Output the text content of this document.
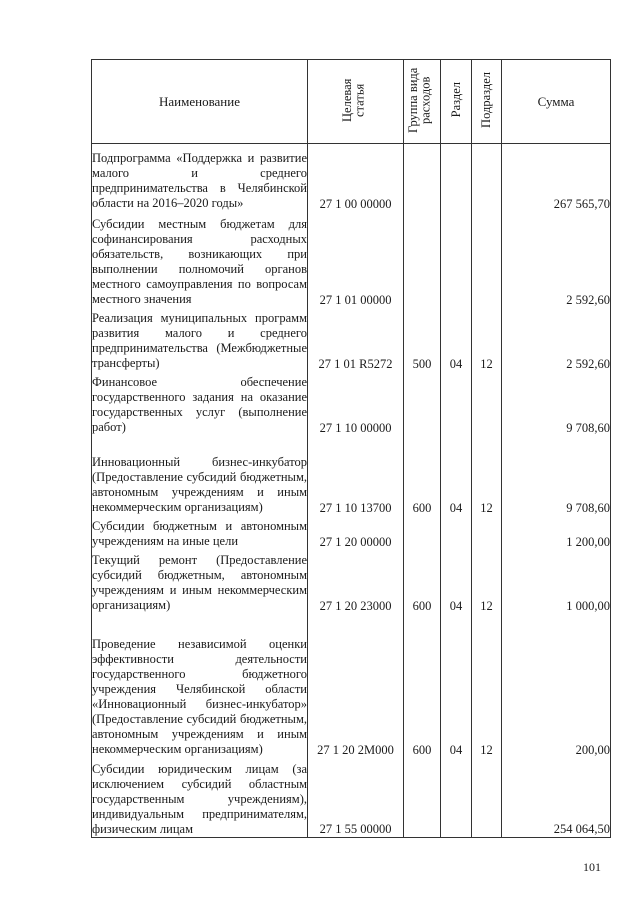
Наименование	Целевая статья	Группа вида расходов	Раздел	Подраздел	Сумма
Подпрограмма «Поддержка и развитие малого и среднего предпринимательства в Челябинской области на 2016–2020 годы»	27 1 00 00000				267 565,70
Субсидии местным бюджетам для софинансирования расходных обязательств, возникающих при выполнении полномочий органов местного самоуправления по вопросам местного значения	27 1 01 00000				2 592,60
Реализация муниципальных программ развития малого и среднего предпринимательства (Межбюджетные трансферты)	27 1 01 R5272	500	04	12	2 592,60
Финансовое обеспечение государственного задания на оказание государственных услуг (выполнение работ)	27 1 10 00000				9 708,60
Инновационный бизнес-инкубатор (Предоставление субсидий бюджетным, автономным учреждениям и иным некоммерческим организациям)	27 1 10 13700	600	04	12	9 708,60
Субсидии бюджетным и автономным учреждениям на иные цели	27 1 20 00000				1 200,00
Текущий ремонт (Предоставление субсидий бюджетным, автономным учреждениям и иным некоммерческим организациям)	27 1 20 23000	600	04	12	1 000,00
Проведение независимой оценки эффективности деятельности государственного бюджетного учреждения Челябинской области «Инновационный бизнес-инкубатор» (Предоставление субсидий бюджетным, автономным учреждениям и иным некоммерческим организациям)	27 1 20 2М000	600	04	12	200,00
Субсидии юридическим лицам (за исключением субсидий областным государственным учреждениям), индивидуальным предпринимателям, физическим лицам	27 1 55 00000				254 064,50
101
